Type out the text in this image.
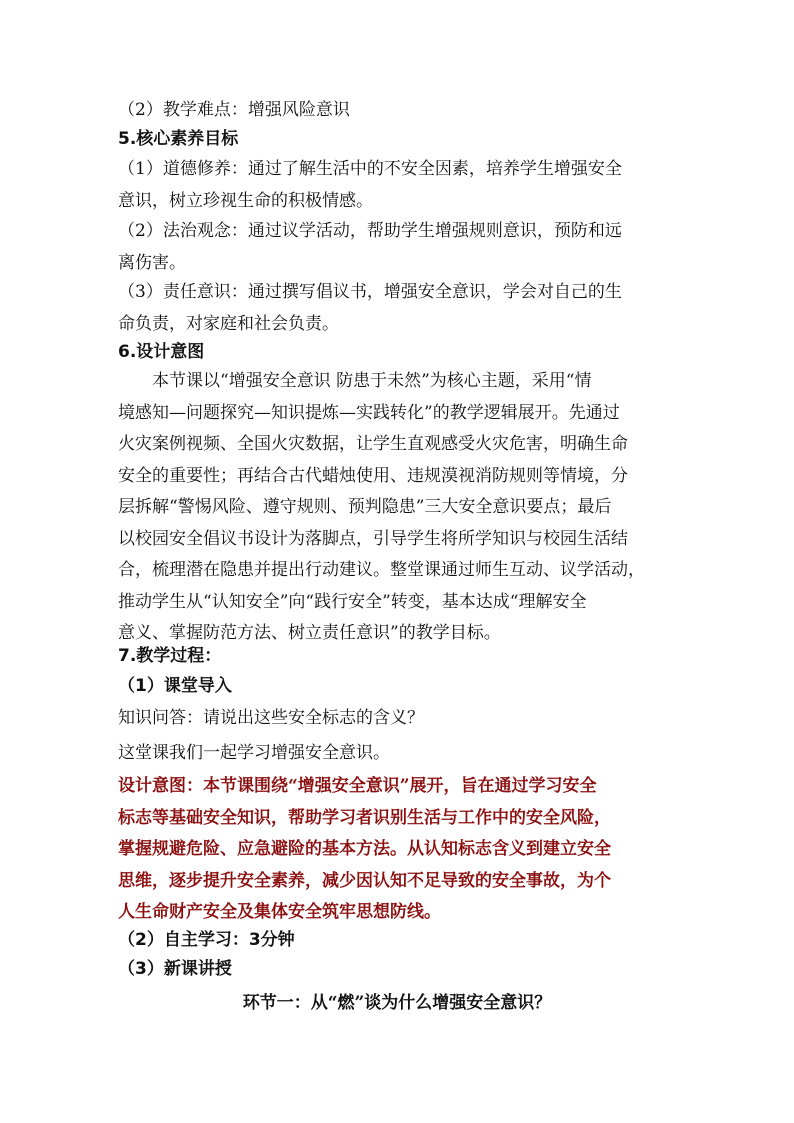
（2）教学难点：增强风险意识
5.核心素养目标
（1）道德修养：通过了解生活中的不安全因素，培养学生增强安全
意识，树立珍视生命的积极情感。
（2）法治观念：通过议学活动，帮助学生增强规则意识，预防和远
离伤害。
（3）责任意识：通过撰写倡议书，增强安全意识，学会对自己的生
命负责，对家庭和社会负责。
6.设计意图
本节课以“增强安全意识 防患于未然”为核心主题，采用“情
境感知—问题探究—知识提炼—实践转化”的教学逻辑展开。先通过
火灾案例视频、全国火灾数据，让学生直观感受火灾危害，明确生命
安全的重要性；再结合古代蜡烛使用、违规漠视消防规则等情境，分
层拆解“警惕风险、遵守规则、预判隐患”三大安全意识要点；最后
以校园安全倡议书设计为落脚点，引导学生将所学知识与校园生活结
合，梳理潜在隐患并提出行动建议。整堂课通过师生互动、议学活动，
推动学生从“认知安全”向“践行安全”转变，基本达成“理解安全
意义、掌握防范方法、树立责任意识”的教学目标。
7.教学过程：
（1）课堂导入
知识问答：请说出这些安全标志的含义？
这堂课我们一起学习增强安全意识。
设计意图：本节课围绕“增强安全意识”展开，旨在通过学习安全
标志等基础安全知识，帮助学习者识别生活与工作中的安全风险，
掌握规避危险、应急避险的基本方法。从认知标志含义到建立安全
思维，逐步提升安全素养，减少因认知不足导致的安全事故，为个
人生命财产安全及集体安全筑牢思想防线。
（2）自主学习：3分钟
（3）新课讲授
环节一：从“燃”谈为什么增强安全意识？
